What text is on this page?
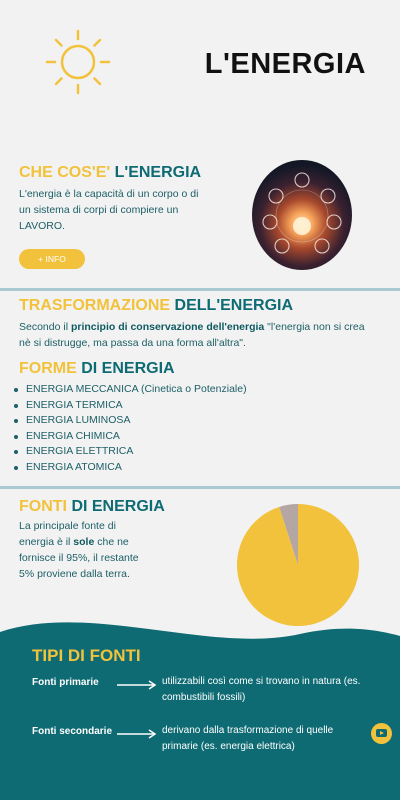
L'ENERGIA
CHE COS'E' L'ENERGIA
L'energia è la capacità di un corpo o di un sistema di corpi di compiere un LAVORO.
+ INFO
TRASFORMAZIONE DELL'ENERGIA
Secondo il principio di conservazione dell'energia "l'energia non si crea nè si distrugge, ma passa da una forma all'altra".
FORME DI ENERGIA
ENERGIA MECCANICA (Cinetica o Potenziale)
ENERGIA TERMICA
ENERGIA LUMINOSA
ENERGIA CHIMICA
ENERGIA ELETTRICA
ENERGIA ATOMICA
FONTI DI ENERGIA
La principale fonte di energia è il sole che ne fornisce il 95%, il restante 5% proviene dalla terra.
TIPI DI FONTI
Fonti primarie	utilizzabili così come si trovano in natura (es. combustibili fossili)
Fonti secondarie	derivano dalla trasformazione di quelle primarie (es. energia elettrica)
